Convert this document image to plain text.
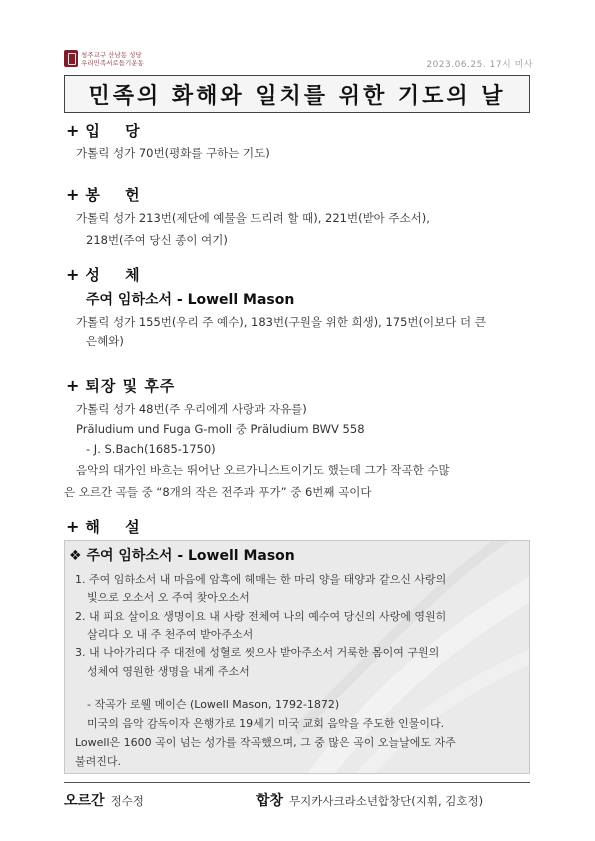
청주교구 산남동 성당
우리민족서로돕기운동	2023.06.25. 17시 미사
민족의 화해와 일치를 위한 기도의 날
+ 입 당
가톨릭 성가 70번(평화를 구하는 기도)
+ 봉 헌
가톨릭 성가 213번(제단에 예물을 드리려 할 때), 221번(받아 주소서),
218번(주여 당신 종이 여기)
+ 성 체
주여 임하소서 - Lowell Mason
가톨릭 성가 155번(우리 주 예수), 183번(구원을 위한 희생), 175번(이보다 더 큰
은혜와)
+ 퇴장 및 후주
가톨릭 성가 48번(주 우리에게 사랑과 자유를)
Präludium und Fuga G-moll 중 Präludium BWV 558
- J. S.Bach(1685-1750)
음악의 대가인 바흐는 뛰어난 오르가니스트이기도 했는데 그가 작곡한 수많
은 오르간 곡들 중 “8개의 작은 전주과 푸가” 중 6번째 곡이다
+ 해 설
❖ 주여 임하소서 - Lowell Mason
1. 주여 임하소서 내 마음에 암흑에 헤매는 한 마리 양을 태양과 같으신 사랑의
빛으로 오소서 오 주여 찾아오소서
2. 내 피요 살이요 생명이요 내 사랑 전체여 나의 예수여 당신의 사랑에 영원히
살리다 오 내 주 천주여 받아주소서
3. 내 나아가리다 주 대전에 성혈로 씻으사 받아주소서 거룩한 몸이여 구원의
성체여 영원한 생명을 내게 주소서
- 작곡가 로웰 메이슨 (Lowell Mason, 1792-1872)
미국의 음악 감독이자 은행가로 19세기 미국 교회 음악을 주도한 인물이다.
Lowell은 1600 곡이 넘는 성가를 작곡했으며, 그 중 많은 곡이 오늘날에도 자주
불려진다.
오르간 정수정	합창 무지카사크라소년합창단(지휘, 김호정)
